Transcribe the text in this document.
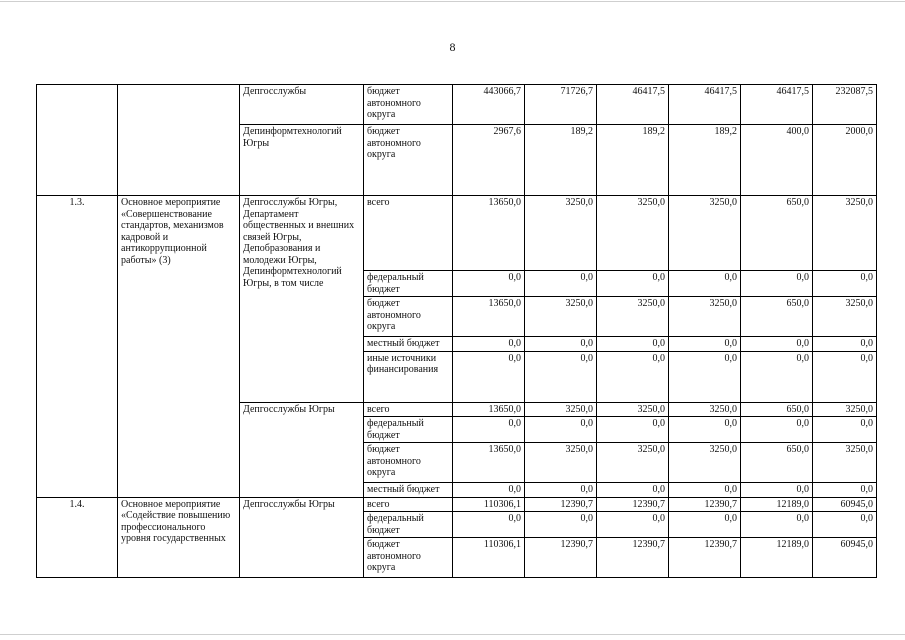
8
		Депгосслужбы	бюджет автономного округа	443066,7	71726,7	46417,5	46417,5	46417,5	232087,5
		Депинформтехнологий Югры	бюджет автономного округа	2967,6	189,2	189,2	189,2	400,0	2000,0
1.3.	Основное мероприятие «Совершенствование стандартов, механизмов кадровой и антикоррупционной работы» (3)	Депгосслужбы Югры, Департамент общественных и внешних связей Югры, Депобразования и молодежи Югры, Депинформтехнологий Югры, в том числе	всего	13650,0	3250,0	3250,0	3250,0	650,0	3250,0
			федеральный бюджет	0,0	0,0	0,0	0,0	0,0	0,0
			бюджет автономного округа	13650,0	3250,0	3250,0	3250,0	650,0	3250,0
			местный бюджет	0,0	0,0	0,0	0,0	0,0	0,0
			иные источники финансирования	0,0	0,0	0,0	0,0	0,0	0,0
		Депгосслужбы Югры	всего	13650,0	3250,0	3250,0	3250,0	650,0	3250,0
			федеральный бюджет	0,0	0,0	0,0	0,0	0,0	0,0
			бюджет автономного округа	13650,0	3250,0	3250,0	3250,0	650,0	3250,0
			местный бюджет	0,0	0,0	0,0	0,0	0,0	0,0
1.4.	Основное мероприятие «Содействие повышению профессионального уровня государственных	Депгосслужбы Югры	всего	110306,1	12390,7	12390,7	12390,7	12189,0	60945,0
			федеральный бюджет	0,0	0,0	0,0	0,0	0,0	0,0
			бюджет автономного округа	110306,1	12390,7	12390,7	12390,7	12189,0	60945,0
